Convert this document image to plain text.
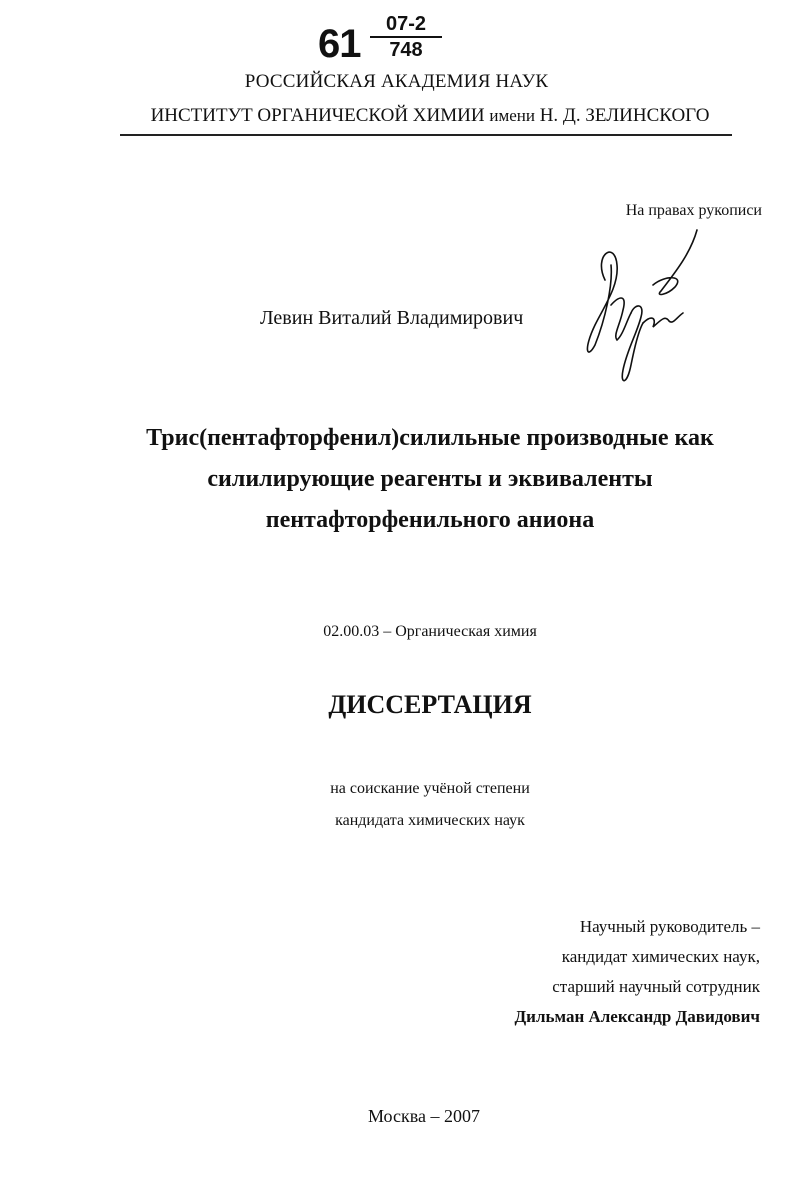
61	07-2
748
РОССИЙСКАЯ АКАДЕМИЯ НАУК
ИНСТИТУТ ОРГАНИЧЕСКОЙ ХИМИИ имени Н. Д. ЗЕЛИНСКОГО
На правах рукописи
Левин Виталий Владимирович
Трис(пентафторфенил)силильные производные как
силилирующие реагенты и эквиваленты
пентафторфенильного аниона
02.00.03 – Органическая химия
ДИССЕРТАЦИЯ
на соискание учёной степени
кандидата химических наук
Научный руководитель –
кандидат химических наук,
старший научный сотрудник
Дильман Александр Давидович
Москва – 2007
